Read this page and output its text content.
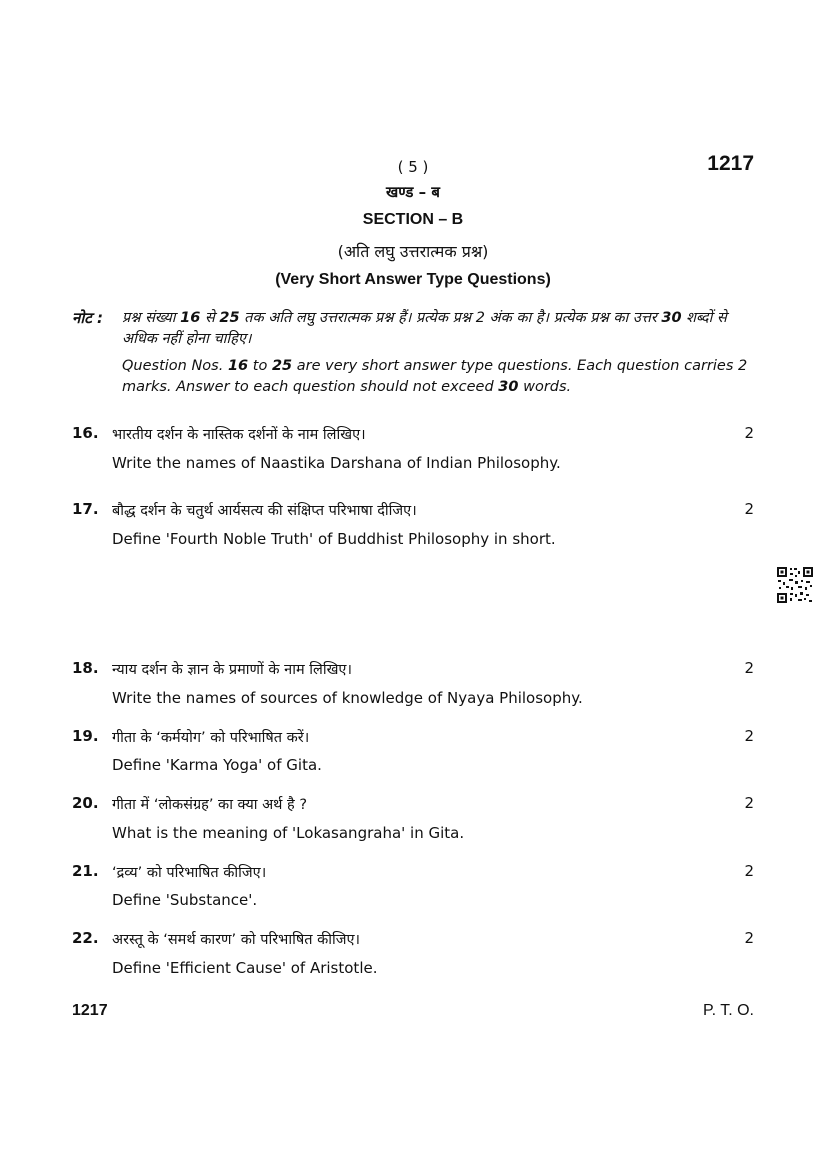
( 5 )	1217
खण्ड – ब
SECTION – B
(अति लघु उत्तरात्मक प्रश्न)
(Very Short Answer Type Questions)
नोट : प्रश्न संख्या 16 से 25 तक अति लघु उत्तरात्मक प्रश्न हैं। प्रत्येक प्रश्न 2 अंक का है। प्रत्येक प्रश्न का उत्तर 30 शब्दों से अधिक नहीं होना चाहिए।
Question Nos. 16 to 25 are very short answer type questions. Each question carries 2 marks. Answer to each question should not exceed 30 words.
16. भारतीय दर्शन के नास्तिक दर्शनों के नाम लिखिए।	2
Write the names of Naastika Darshana of Indian Philosophy.
17. बौद्ध दर्शन के चतुर्थ आर्यसत्य की संक्षिप्त परिभाषा दीजिए।	2
Define 'Fourth Noble Truth' of Buddhist Philosophy in short.
18. न्याय दर्शन के ज्ञान के प्रमाणों के नाम लिखिए।	2
Write the names of sources of knowledge of Nyaya Philosophy.
19. गीता के ‘कर्मयोग’ को परिभाषित करें।	2
Define 'Karma Yoga' of Gita.
20. गीता में ‘लोकसंग्रह’ का क्या अर्थ है ?	2
What is the meaning of 'Lokasangraha' in Gita.
21. ‘द्रव्य’ को परिभाषित कीजिए।	2
Define 'Substance'.
22. अरस्तू के ‘समर्थ कारण’ को परिभाषित कीजिए।	2
Define 'Efficient Cause' of Aristotle.
1217	P. T. O.
